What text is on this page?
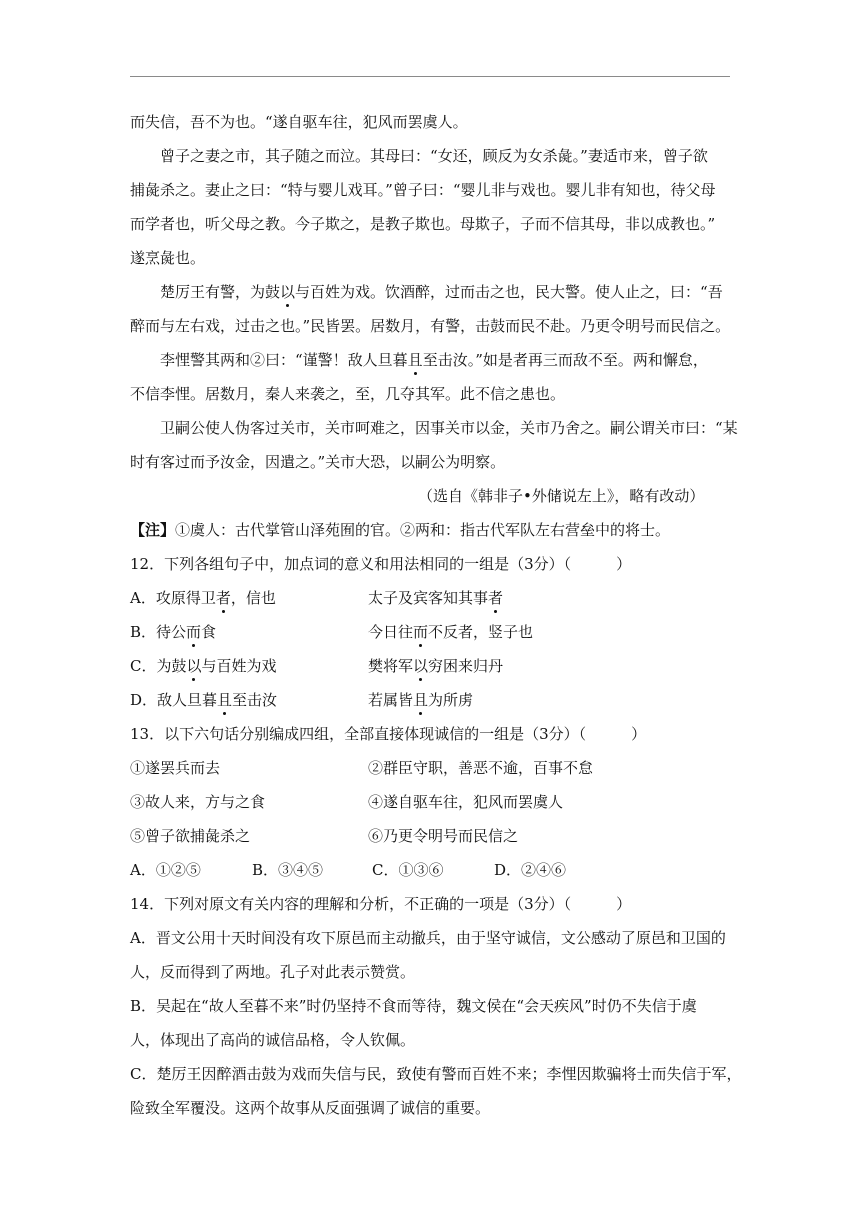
而失信，吾不为也。“遂自驱车往，犯风而罢虞人。
曾子之妻之市，其子随之而泣。其母曰：“女还，顾反为女杀彘。”妻适市来，曾子欲
捕彘杀之。妻止之曰：“特与婴儿戏耳。”曾子曰：“婴儿非与戏也。婴儿非有知也，待父母
而学者也，听父母之教。今子欺之，是教子欺也。母欺子，子而不信其母，非以成教也。”
遂烹彘也。
楚厉王有警，为鼓以与百姓为戏。饮酒醉，过而击之也，民大警。使人止之，曰：“吾
醉而与左右戏，过击之也。”民皆罢。居数月，有警，击鼓而民不赴。乃更令明号而民信之。
李悝警其两和②曰：“谨警！敌人旦暮且至击汝。”如是者再三而敌不至。两和懈怠，
不信李悝。居数月，秦人来袭之，至，几夺其军。此不信之患也。
卫嗣公使人伪客过关市，关市呵难之，因事关市以金，关市乃舍之。嗣公谓关市曰：“某
时有客过而予汝金，因遣之。”关市大恐，以嗣公为明察。
（选自《韩非子•外储说左上》，略有改动）
【注】①虞人：古代掌管山泽苑囿的官。②两和：指古代军队左右营垒中的将士。
12．下列各组句子中，加点词的意义和用法相同的一组是（3分）（　　　）
A．攻原得卫者，信也	太子及宾客知其事者
B．待公而食	今日往而不反者，竖子也
C．为鼓以与百姓为戏	樊将军以穷困来归丹
D．敌人旦暮且至击汝	若属皆且为所虏
13．以下六句话分别编成四组，全部直接体现诚信的一组是（3分）（　　　）
①遂罢兵而去	②群臣守职，善恶不逾，百事不怠
③故人来，方与之食	④遂自驱车往，犯风而罢虞人
⑤曾子欲捕彘杀之	⑥乃更令明号而民信之
A．①②⑤	B．③④⑤	C．①③⑥	D．②④⑥
14．下列对原文有关内容的理解和分析，不正确的一项是（3分）（　　　）
A．晋文公用十天时间没有攻下原邑而主动撤兵，由于坚守诚信，文公感动了原邑和卫国的
人，反而得到了两地。孔子对此表示赞赏。
B．吴起在“故人至暮不来”时仍坚持不食而等待，魏文侯在“会天疾风”时仍不失信于虞
人，体现出了高尚的诚信品格，令人钦佩。
C．楚厉王因醉酒击鼓为戏而失信与民，致使有警而百姓不来；李悝因欺骗将士而失信于军，
险致全军覆没。这两个故事从反面强调了诚信的重要。
